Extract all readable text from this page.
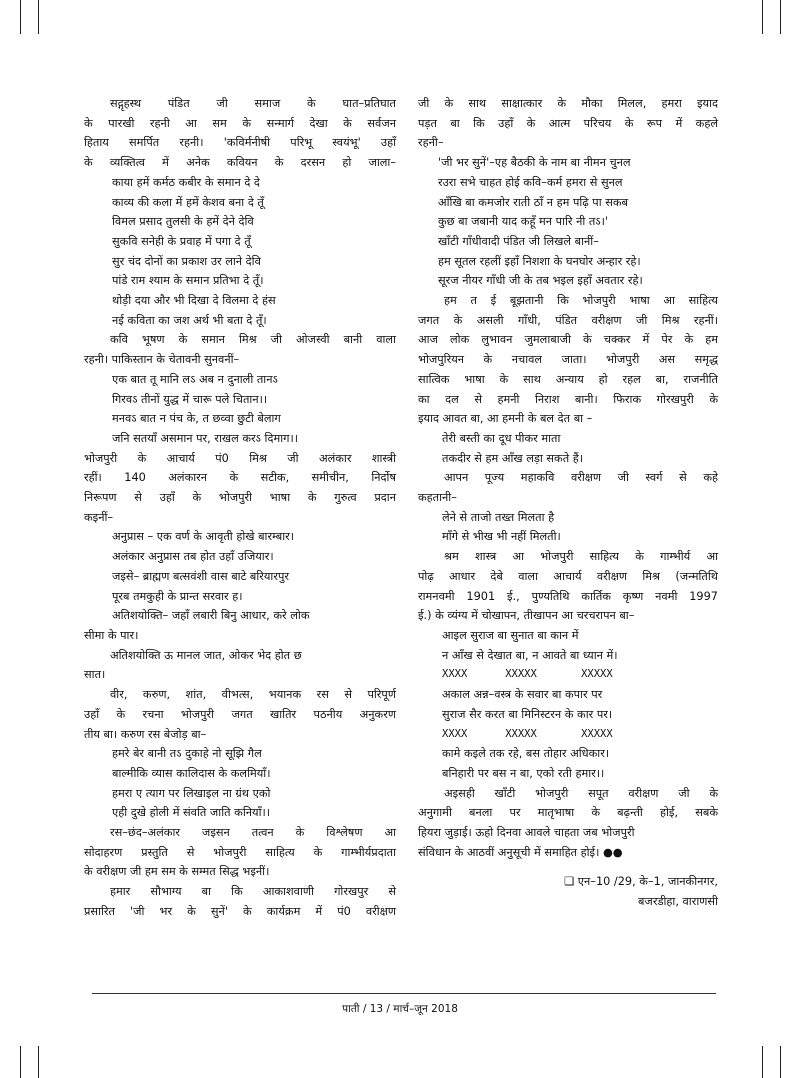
सद्गृहस्थ पंडित जी समाज के घात–प्रतिघात

के पारखी रहनी आ सम के सन्मार्ग देखा के सर्वजन

हिताय समर्पित रहनी। 'कविर्मनीषी परिभू स्वयंभू' उहाँ

के व्यक्तित्व में अनेक कवियन के दरसन हो जाला–

काया हमें कर्मठ कबीर के समान दे दे

काव्य की कला में हमें केशव बना दे तूँ

विमल प्रसाद तुलसी के हमें देने देवि

सुकवि सनेही के प्रवाह में पगा दे तूँ

सुर चंद दोनों का प्रकाश उर लाने देवि

पांडे राम श्याम के समान प्रतिभा दे तूँ।

थोड़ी दया और भी दिखा दे विलमा दे हंस

नई कविता का जश अर्थ भी बता दे तूँ।

कवि भूषण के समान मिश्र जी ओजस्वी बानी वाला

रहनी। पाकिस्तान के चेतावनी सुनवनीं–

एक बात तू मानि लऽ अब न दुनाली तानऽ

गिरवऽ तीनों युद्ध में चारू पले चितान।।

मनवऽ बात न पंच के, त छव्वा छुटी बेलाग

जनि सतयाँ असमान पर, राखल करऽ दिमाग।।

भोजपुरी के आचार्य पं0 मिश्र जी अलंकार शास्त्री

रहीं। 140 अलंकारन के सटीक, समीचीन, निर्दोष

निरूपण से उहाँ के भोजपुरी भाषा के गुरुत्व प्रदान

कइनीं–

अनुप्रास – एक वर्ण के आवृती होखे बारम्बार।

अलंकार अनुप्रास तब होत उहाँ उजियार।

जइसे– ब्राह्मण बत्सवंशी वास बाटे बरियारपुर

पूरब तमकुही के प्रान्त सरवार ह।

अतिशयोक्ति– जहाँ लबारी बिनु आधार, करे लोक

सीमा के पार।

अतिशयोक्ति ऊ मानल जात, ओकर भेद होत छ

सात।

वीर, करुण, शांत, वीभत्स, भयानक रस से परिपूर्ण

उहाँ के रचना भोजपुरी जगत खातिर पठनीय अनुकरण

तीय बा। करुण रस बेजोड़ बा–

हमरे बेर बानी तऽ दुकाहे नो सूझि गैल

बाल्मीकि व्यास कालिदास के कलमियाँ।

हमरा ए त्याग पर लिखाइल ना ग्रंथ एको

एही दुखे होली में संवति जाति कनियाँ।।

रस–छंद–अलंकार जइसन तत्वन के विश्लेषण आ

सोदाहरण प्रस्तुति से भोजपुरी साहित्य के गाम्भीर्यप्रदाता

के वरीक्षण जी हम सम के सम्मत सिद्ध भइनीं।

हमार सौभाग्य बा कि आकाशवाणी गोरखपुर से

प्रसारित 'जी भर के सुनें' के कार्यक्रम में पं0 वरीक्षण

जी के साथ साक्षात्कार के मौका मिलल, हमरा इयाद

पड़त बा कि उहाँ के आत्म परिचय के रूप में कहले

रहनी–

'जी भर सुनें'–एह बैठकी के नाम बा नीमन चुनल

रउरा सभे चाहत होई कवि–कर्म हमरा से सुनल

आँखि बा कमजोर राती ठाँ न हम पढ़ि पा सकब

कुछ बा जबानी याद कहूँ मन पारि नी तऽ।'

खाँटी गाँधीवादी पंडित जी लिखले बानीं–

हम सूतल रहलीं इहाँ निशशा के घनघोर अन्हार रहे।

सूरज नीयर गाँधी जी के तब भइल इहाँ अवतार रहे।

हम त ई बूझतानी कि भोजपुरी भाषा आ साहित्य

जगत के असली गाँधी, पंडित वरीक्षण जी मिश्र रहनीं।

आज लोक लुभावन जुमलाबाजी के चक्कर में पेर के हम

भोजपुरियन के नचावल जाता। भोजपुरी अस समृद्ध

सात्विक भाषा के साथ अन्याय हो रहल बा, राजनीति

का दल से हमनी निराश बानी। फिराक गोरखपुरी के

इयाद आवत बा, आ हमनी के बल देत बा –

तेरी बस्ती का दूध पीकर माता

तकदीर से हम आँख लड़ा सकते हैं।

आपन पूज्य महाकवि वरीक्षण जी स्वर्ग से कहे

कहतानी–

लेने से ताजो तख्त मिलता है

माँगे से भीख भी नहीं मिलती।

श्रम शास्त्र आ भोजपुरी साहित्य के गाम्भीर्य आ

पोढ़ आधार देबे वाला आचार्य वरीक्षण मिश्र (जन्मतिथि

रामनवमी 1901 ई., पुण्यतिथि कार्तिक कृष्ण नवमी 1997

ई.) के व्यंग्य में चोखापन, तीखापन आ चरचरापन बा–

आइल सुराज बा सुनात बा कान में

न आँख से देखात बा, न आवते बा ध्यान में।

XXXX      XXXXX       XXXXX

अकाल अन्न–वस्त्र के सवार बा कपार पर

सुराज सैर करत बा मिनिस्टरन के कार पर।

XXXX      XXXXX       XXXXX

कामे कइले तक रहे, बस तोहार अधिकार।

बनिहारी पर बस न बा, एको रती हमार।।

अइसही खाँटी भोजपुरी सपूत वरीक्षण जी के

अनुगामी बनला पर मातृभाषा के बढ़न्ती होई, सबके

हियरा जुड़ाई। ऊहो दिनवा आवले चाहता जब भोजपुरी

संविधान के आठवीं अनुसूची में समाहित होई। ●●

❑ एन–10 /29, के–1, जानकीनगर,

बजरडीहा, वाराणसी

पाती / 13 / मार्च–जून 2018
